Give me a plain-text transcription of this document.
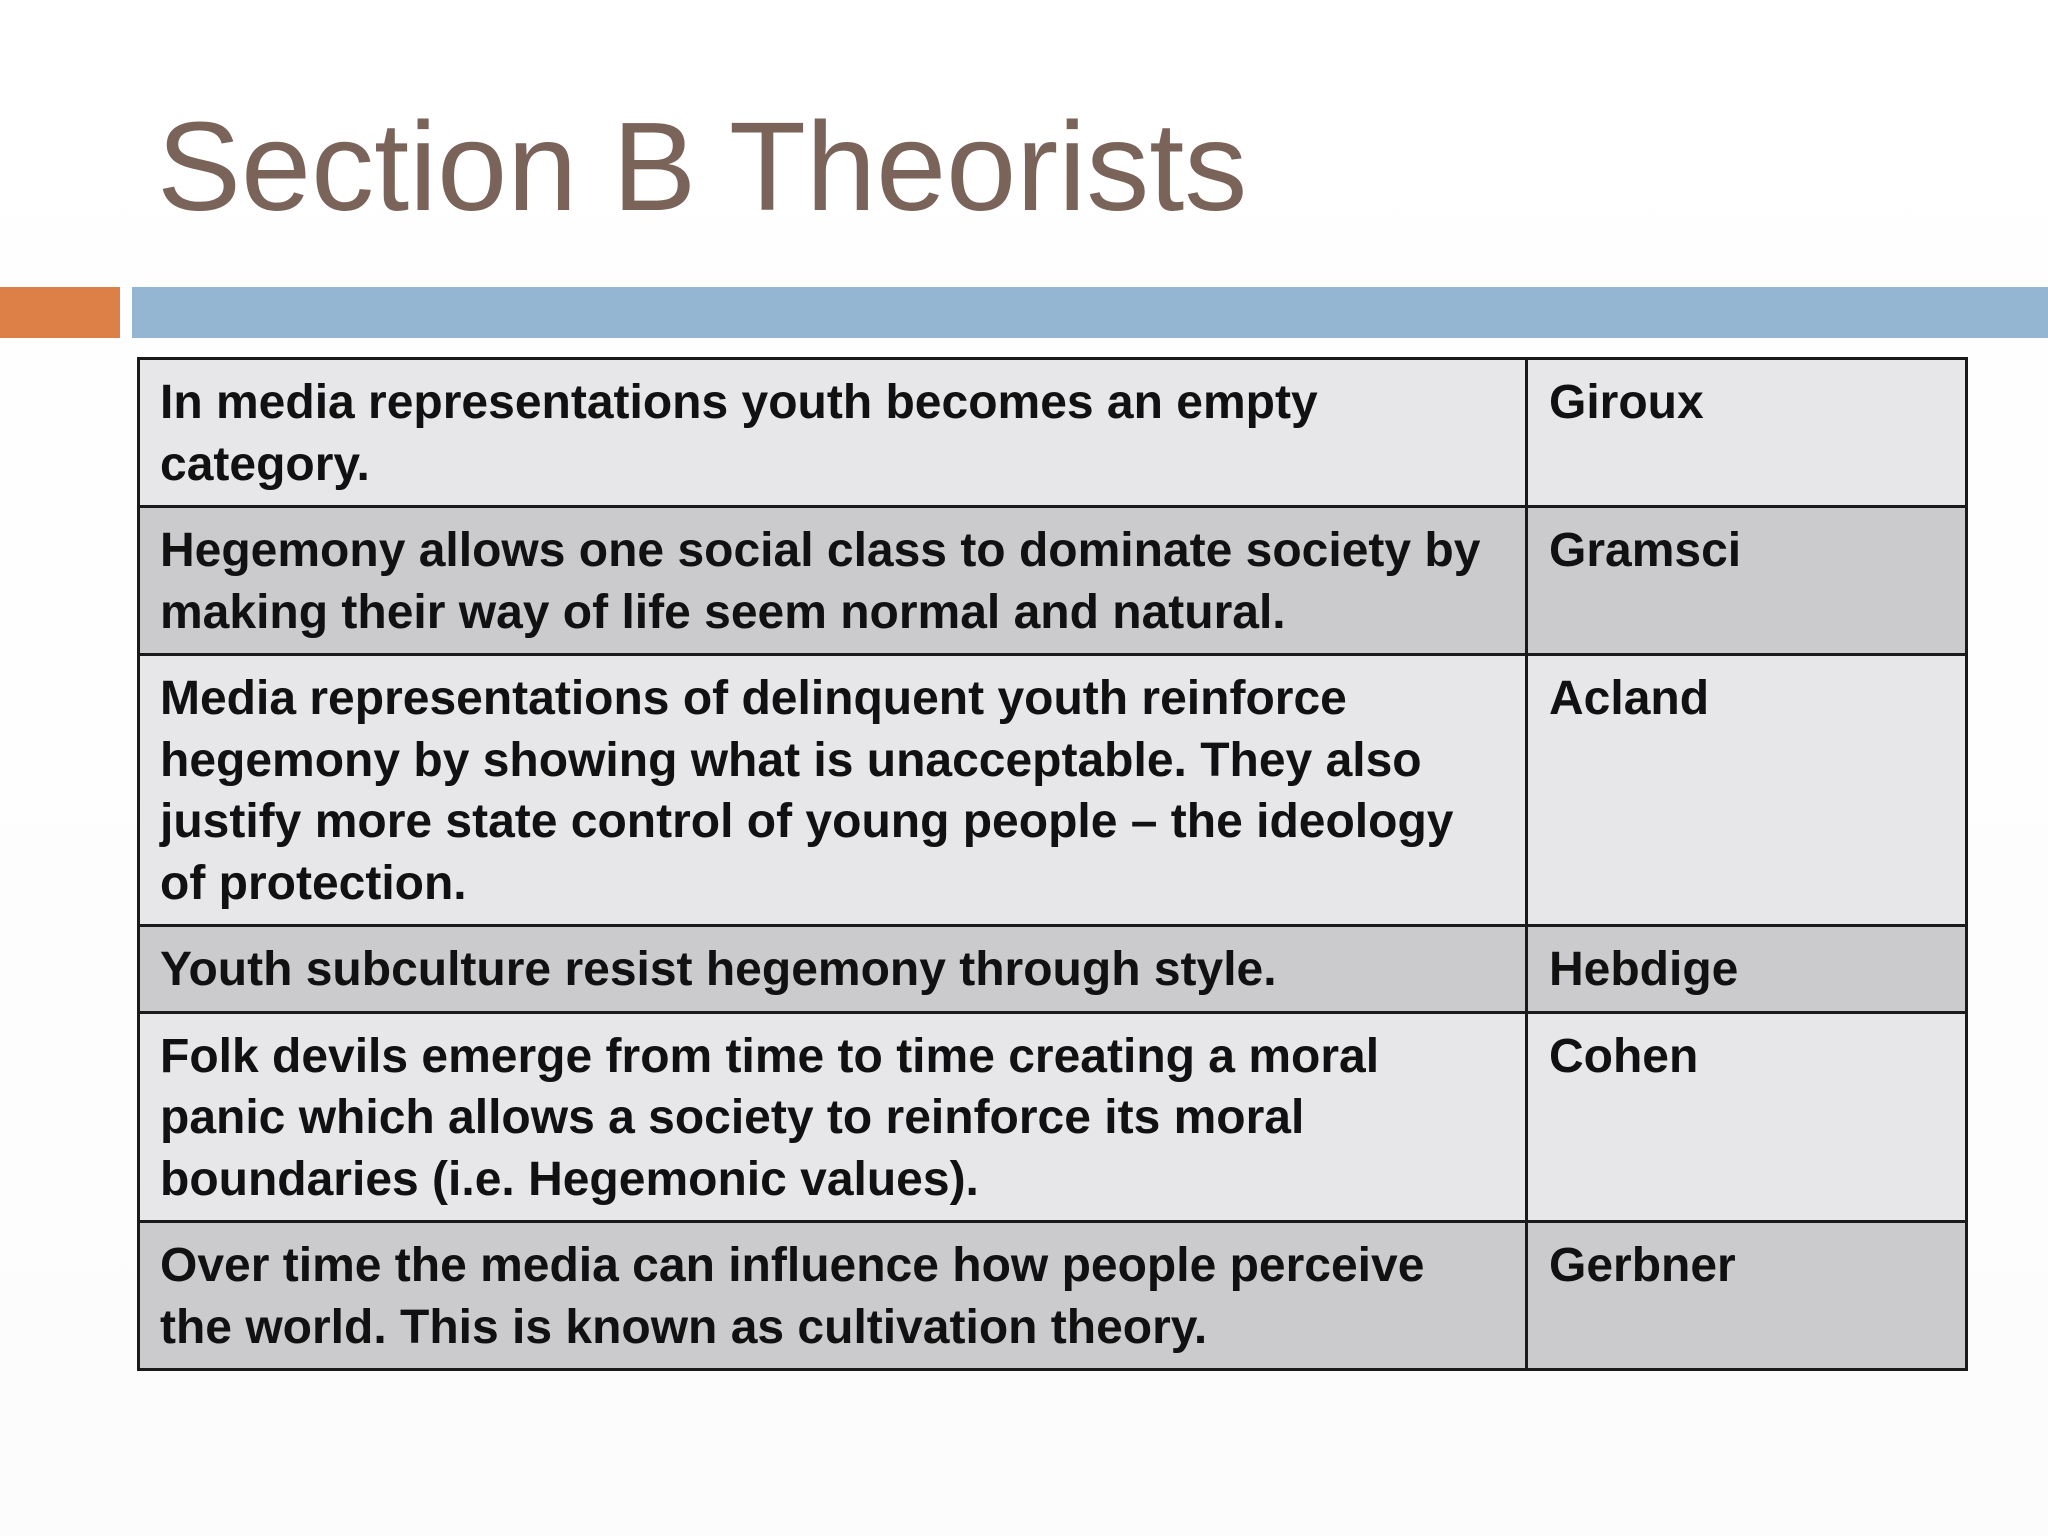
Section B Theorists
In media representations youth becomes an empty category.	Giroux
Hegemony allows one social class to dominate society by making their way of life seem normal and natural.	Gramsci
Media representations of delinquent youth reinforce hegemony by showing what is unacceptable. They also justify more state control of young people – the ideology of protection.	Acland
Youth subculture resist hegemony through style.	Hebdige
Folk devils emerge from time to time creating a moral panic which allows a society to reinforce its moral boundaries (i.e. Hegemonic values).	Cohen
Over time the media can influence how people perceive the world. This is known as cultivation theory.	Gerbner
